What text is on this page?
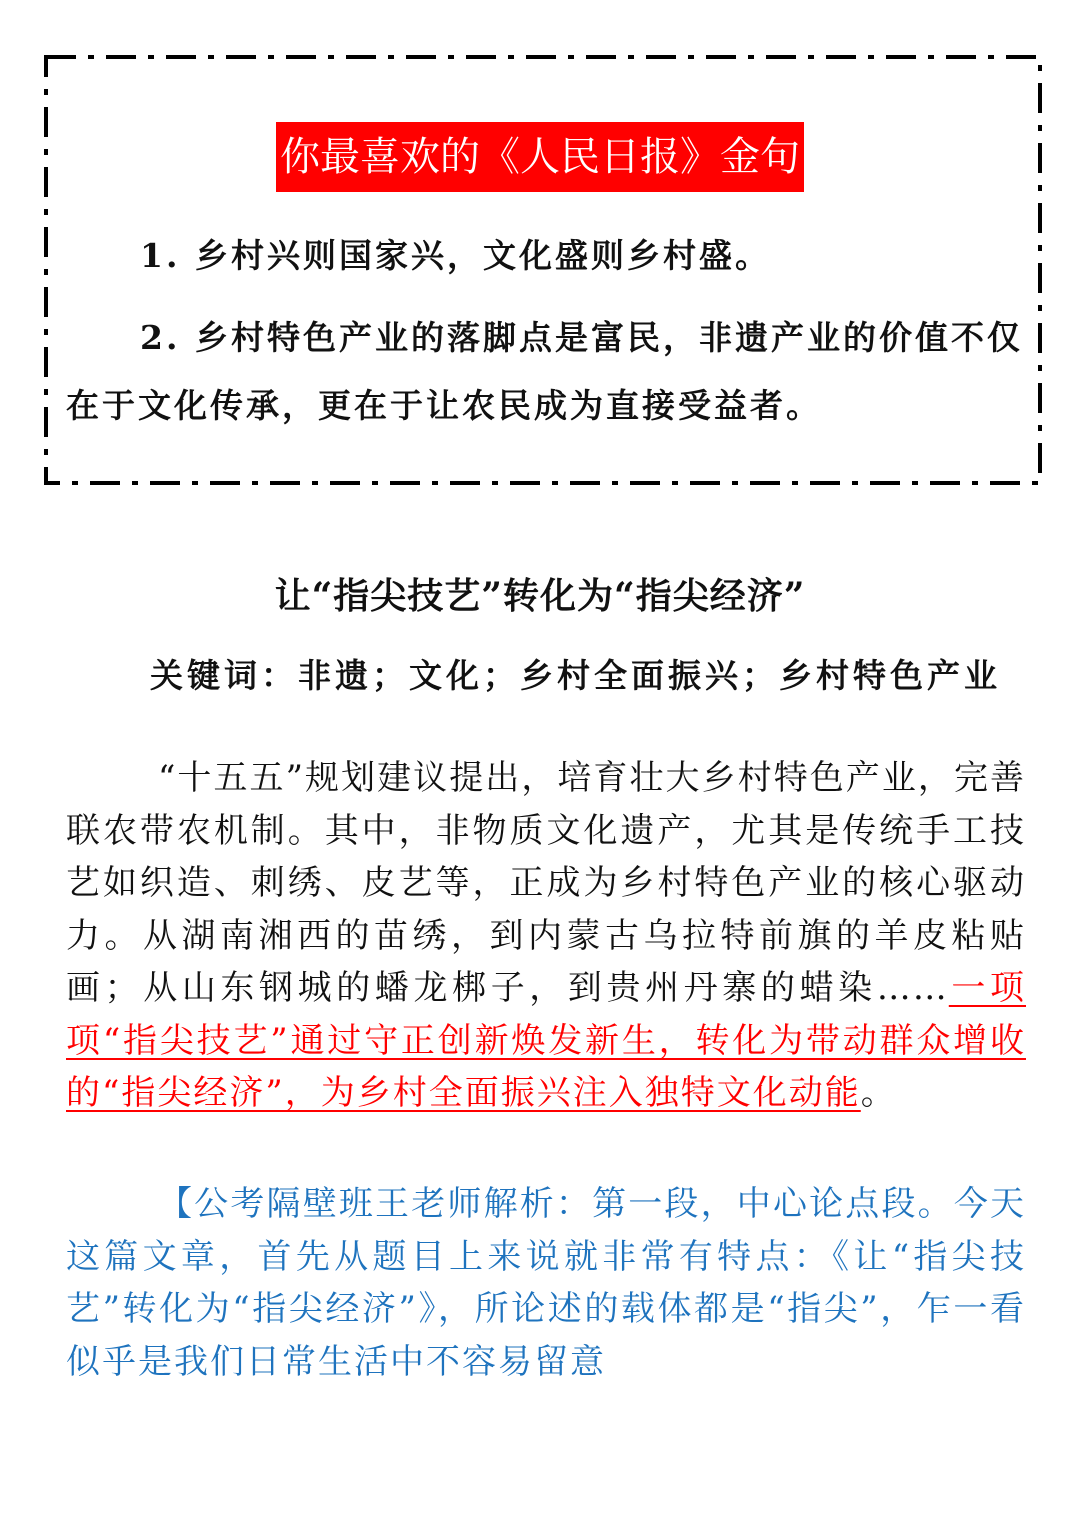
你最喜欢的《人民日报》金句
1. 乡村兴则国家兴，文化盛则乡村盛。
2. 乡村特色产业的落脚点是富民，非遗产业的价值不仅在于文化传承，更在于让农民成为直接受益者。
让“指尖技艺”转化为“指尖经济”
关键词：非遗；文化；乡村全面振兴；乡村特色产业
“十五五”规划建议提出，培育壮大乡村特色产业，完善联农带农机制。其中，非物质文化遗产，尤其是传统手工技艺如织造、刺绣、皮艺等，正成为乡村特色产业的核心驱动力。从湖南湘西的苗绣，到内蒙古乌拉特前旗的羊皮粘贴画；从山东钢城的蟠龙梆子，到贵州丹寨的蜡染……一项项“指尖技艺”通过守正创新焕发新生，转化为带动群众增收的“指尖经济”，为乡村全面振兴注入独特文化动能。
【公考隔壁班王老师解析：第一段，中心论点段。今天这篇文章，首先从题目上来说就非常有特点：《让“指尖技艺”转化为“指尖经济”》，所论述的载体都是“指尖”，乍一看似乎是我们日常生活中不容易留意
